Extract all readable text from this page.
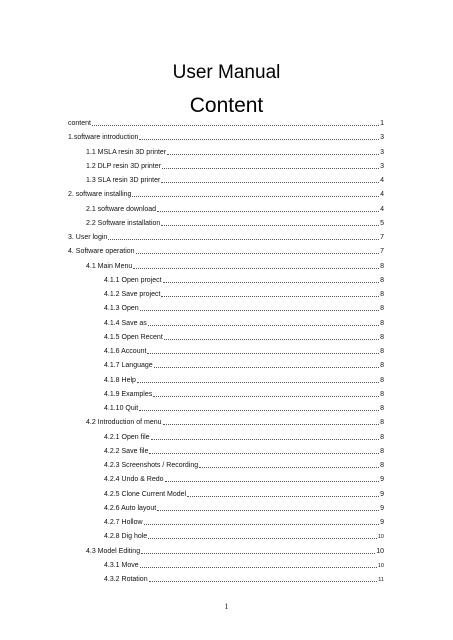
User Manual
Content
content	1
1.software introduction	3
1.1 MSLA resin 3D printer	3
1.2 DLP resin 3D printer	3
1.3 SLA resin 3D printer	4
2. software installing	4
2.1 software download	4
2.2 Software installation	5
3. User login	7
4. Software operation	7
4.1 Main Menu	8
4.1.1 Open project	8
4.1.2 Save project	8
4.1.3 Open	8
4.1.4 Save as	8
4.1.5 Open Recent	8
4.1.6 Account	8
4.1.7 Language	8
4.1.8 Help	8
4.1.9 Examples	8
4.1.10 Quit	8
4.2 Introduction of menu	8
4.2.1 Open file	8
4.2.2 Save file	8
4.2.3 Screenshots / Recording	8
4.2.4 Undo & Redo	9
4.2.5 Clone Current Model	9
4.2.6 Auto layout	9
4.2.7 Hollow	9
4.2.8 Dig hole	10
4.3 Model Editing	10
4.3.1 Move	10
4.3.2 Rotation	11
1
